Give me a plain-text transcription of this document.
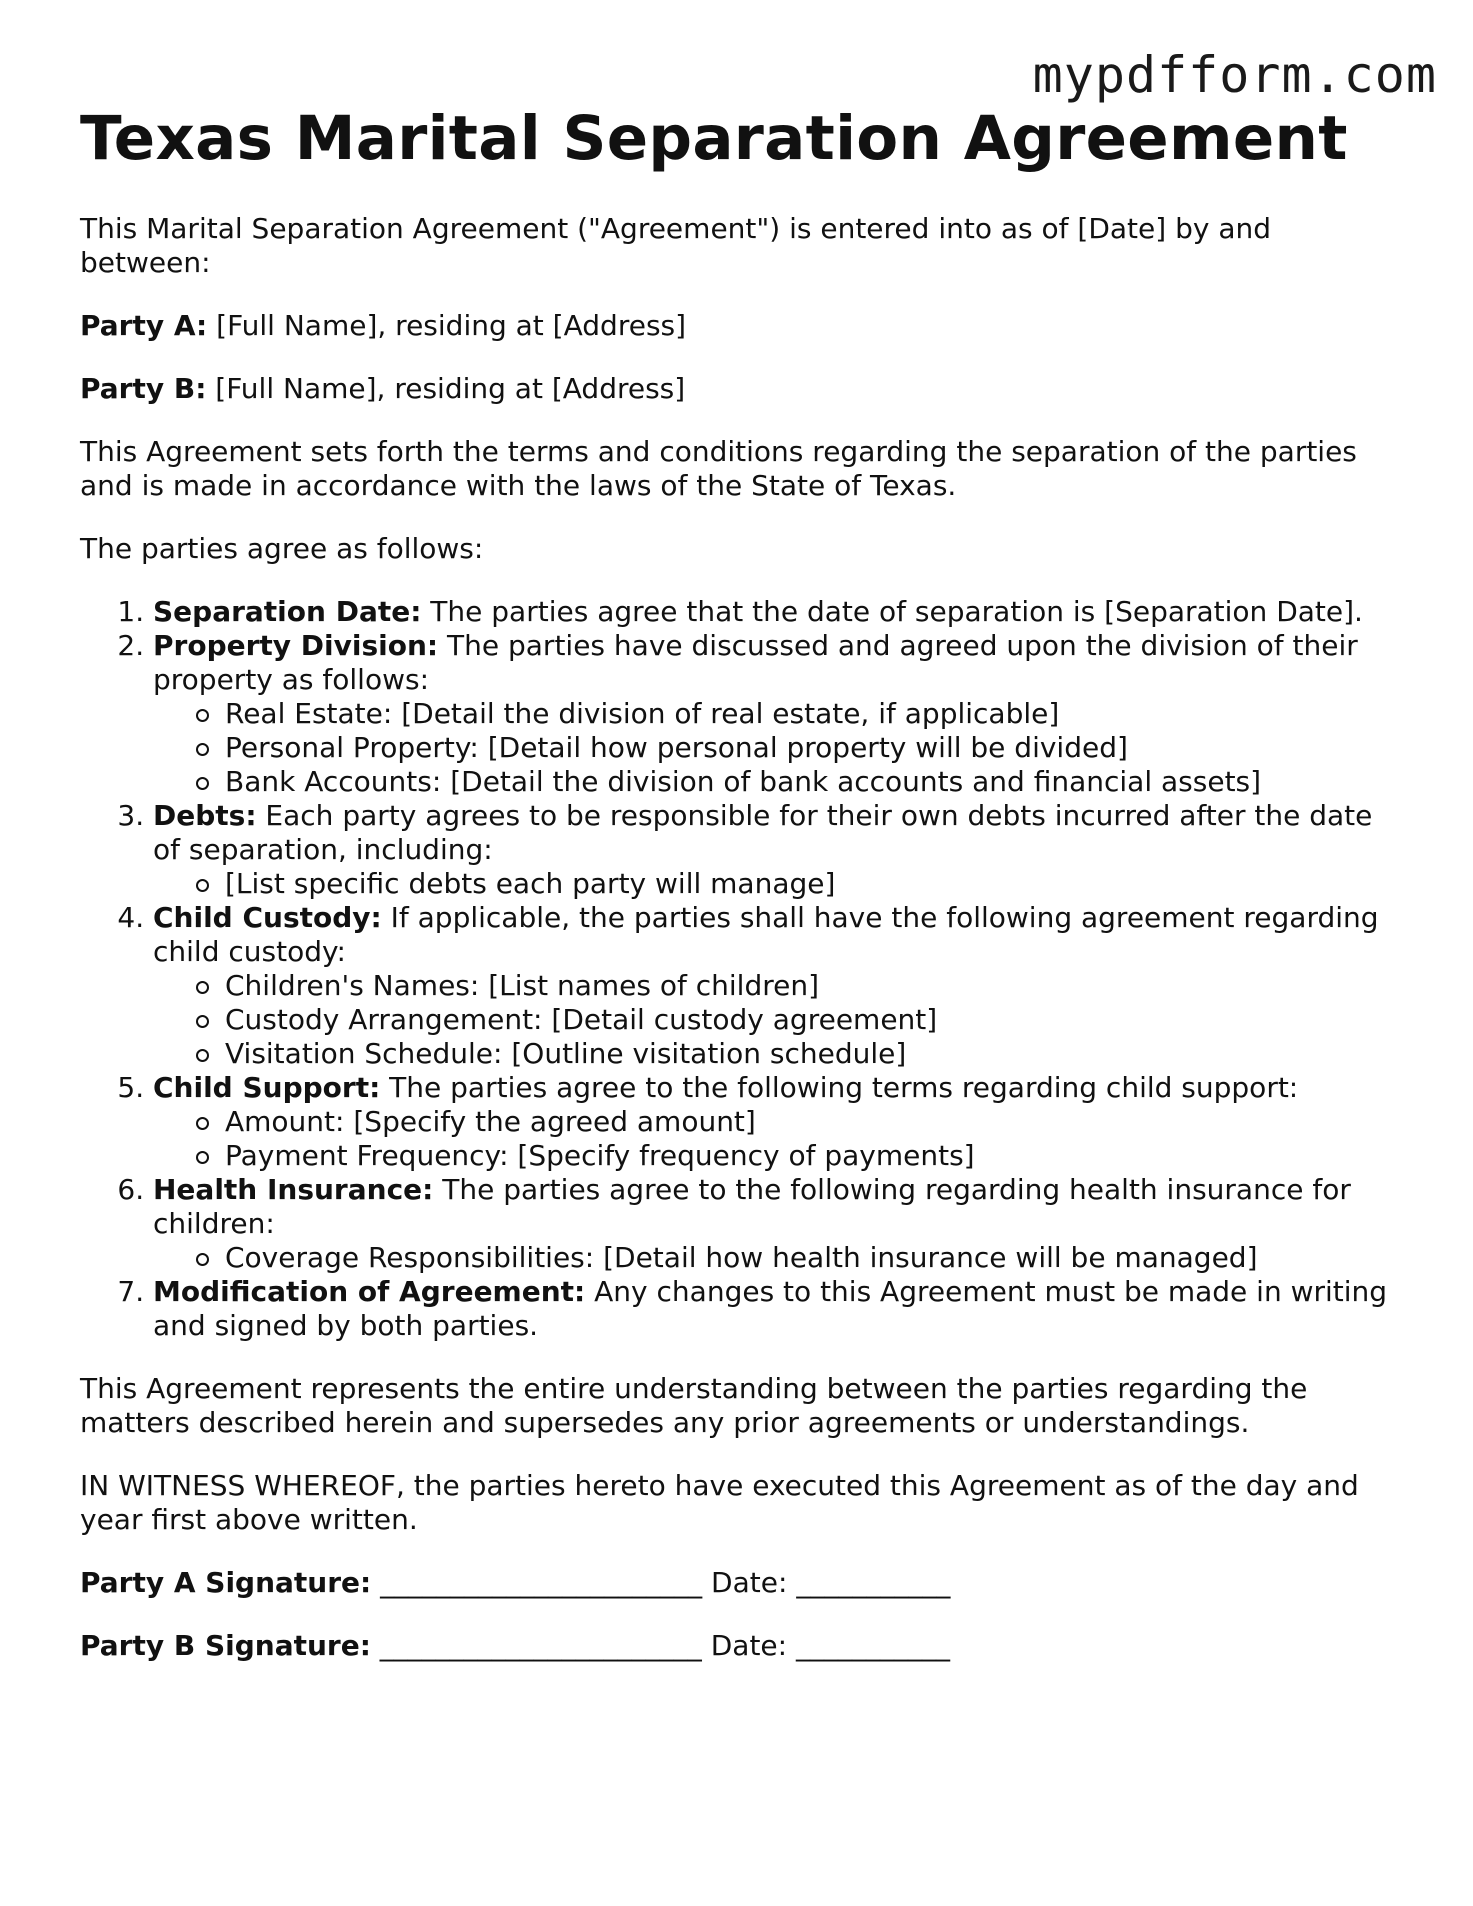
mypdfform.com
Texas Marital Separation Agreement

This Marital Separation Agreement ("Agreement") is entered into as of [Date] by and between:

Party A: [Full Name], residing at [Address]

Party B: [Full Name], residing at [Address]

This Agreement sets forth the terms and conditions regarding the separation of the parties and is made in accordance with the laws of the State of Texas.

The parties agree as follows:

1. Separation Date: The parties agree that the date of separation is [Separation Date].
2. Property Division: The parties have discussed and agreed upon the division of their property as follows:
Real Estate: [Detail the division of real estate, if applicable]
Personal Property: [Detail how personal property will be divided]
Bank Accounts: [Detail the division of bank accounts and financial assets]
3. Debts: Each party agrees to be responsible for their own debts incurred after the date of separation, including:
[List specific debts each party will manage]
4. Child Custody: If applicable, the parties shall have the following agreement regarding child custody:
Children's Names: [List names of children]
Custody Arrangement: [Detail custody agreement]
Visitation Schedule: [Outline visitation schedule]
5. Child Support: The parties agree to the following terms regarding child support:
Amount: [Specify the agreed amount]
Payment Frequency: [Specify frequency of payments]
6. Health Insurance: The parties agree to the following regarding health insurance for children:
Coverage Responsibilities: [Detail how health insurance will be managed]
7. Modification of Agreement: Any changes to this Agreement must be made in writing and signed by both parties.

This Agreement represents the entire understanding between the parties regarding the matters described herein and supersedes any prior agreements or understandings.

IN WITNESS WHEREOF, the parties hereto have executed this Agreement as of the day and year first above written.

Party A Signature: _______________________ Date: ___________
Party B Signature: _______________________ Date: ___________
